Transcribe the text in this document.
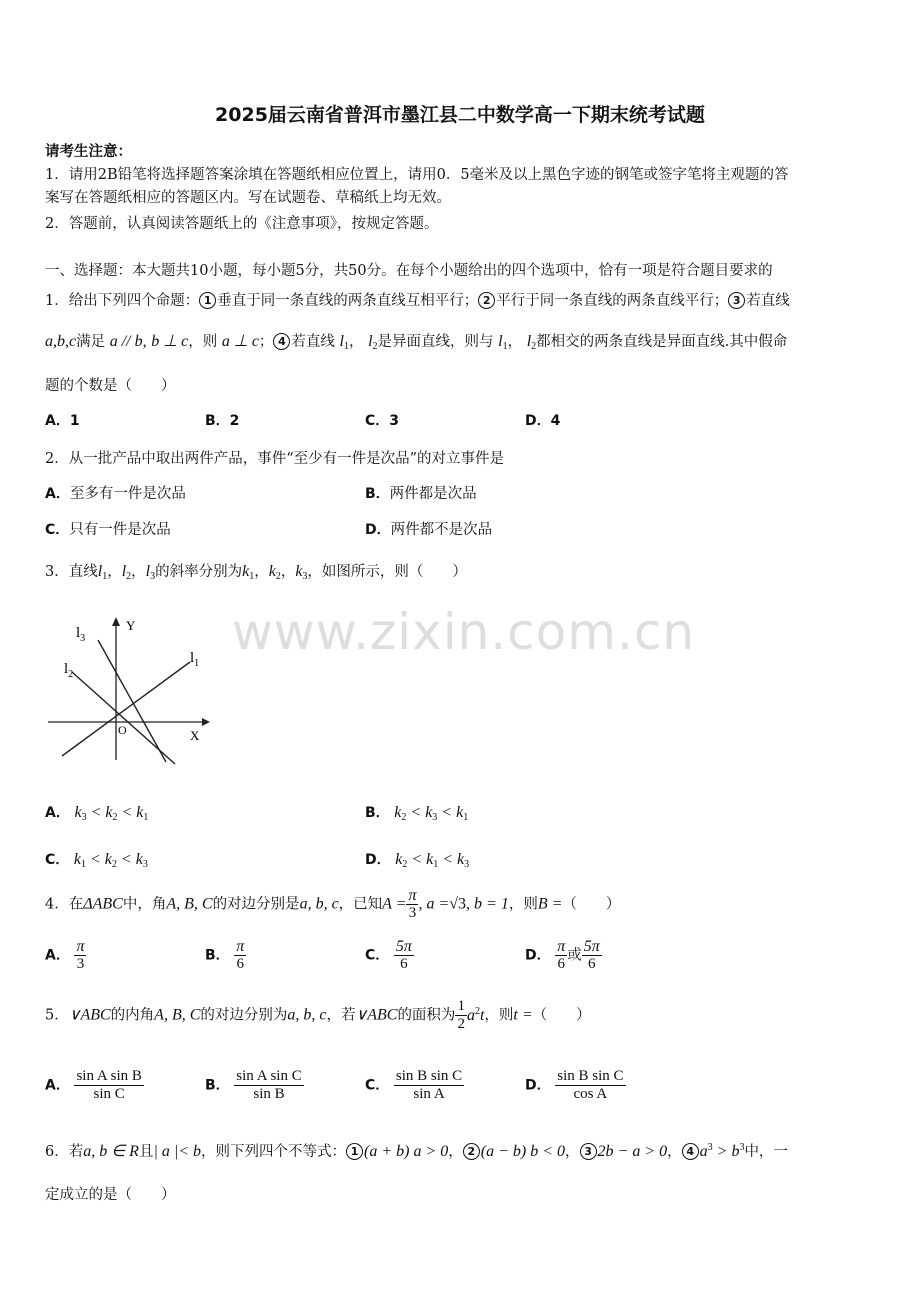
2025届云南省普洱市墨江县二中数学高一下期末统考试题
请考生注意：
1．请用2B铅笔将选择题答案涂填在答题纸相应位置上，请用0．5毫米及以上黑色字迹的钢笔或签字笔将主观题的答
案写在答题纸相应的答题区内。写在试题卷、草稿纸上均无效。
2．答题前，认真阅读答题纸上的《注意事项》，按规定答题。
一、选择题：本大题共10小题，每小题5分，共50分。在每个小题给出的四个选项中，恰有一项是符合题目要求的
1．给出下列四个命题： 1 垂直于同一条直线的两条直线互相平行； 2 平行于同一条直线的两条直线平行； 3 若直线
a,b,c满足 a // b, b ⊥ c，则 a ⊥ c； 4 若直线 $l_1$， $l_2$是异面直线，则与 $l_1$， $l_2$都相交的两条直线是异面直线.其中假命
题的个数是（　　）
A．1	B．2	C．3	D．4
2．从一批产品中取出两件产品，事件“至少有一件是次品”的对立事件是
A．至多有一件是次品	B．两件都是次品
C．只有一件是次品	D．两件都不是次品
3．直线$l_1$，$l_2$，$l_3$的斜率分别为$k_1$，$k_2$，$k_3$，如图所示，则（　　）
$l_3$
$l_2$
$l_1$
Y
X
O
www.zixin.com.cn
A． $k_3 < k_2 < k_1$	B． $k_2 < k_3 < k_1$
C． $k_1 < k_2 < k_3$	D． $k_2 < k_1 < k_3$
4．在ΔABC中，角A, B, C的对边分别是a, b, c，已知$A = \frac{\pi}{3}$ , a =√3, b = 1，则B =（　　）
A． $\frac{\pi}{3}$	B． $\frac{\pi}{6}$	C． $\frac{5\pi}{6}$	D． $\frac{\pi}{6}$ 或 $\frac{5\pi}{6}$
5．∨ABC的内角A, B, C的对边分别为a, b, c，若∨ABC的面积为 $\frac{1}{2} a^2t$，则t =（　　）
A． $\frac{\text{sin A sin B}}{\text{sin C}}$	B． $\frac{\text{sin A sin C}}{\text{sin B}}$	C． $\frac{\text{sin B sin C}}{\text{sin A}}$	D． $\frac{\text{sin B sin C}}{\text{cos A}}$
6．若a, b ∈ R且| a |< b，则下列四个不等式： 1 (a + b) a > 0， 2 (a − b) b < 0， 3 2b − a > 0， 4 $a^3 > b^3$中，一
定成立的是（　　）
